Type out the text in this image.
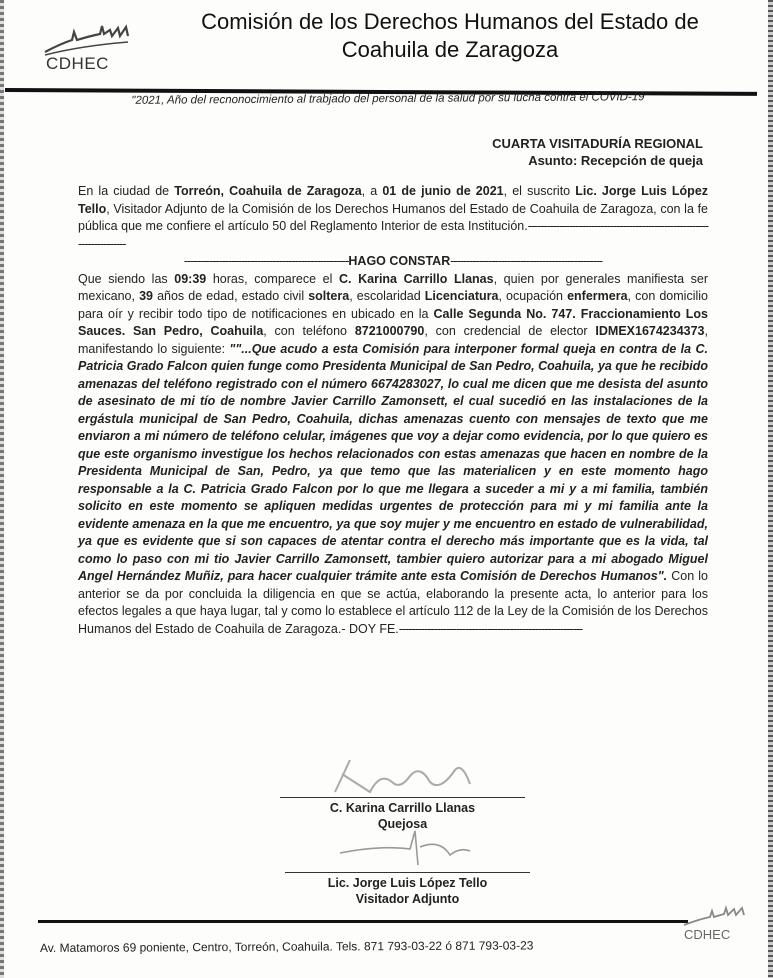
CDHEC
Comisión de los Derechos Humanos del Estado de
Coahuila de Zaragoza
"2021, Año del recnonocimiento al trabjado del personal de la salud por su lucha contra el COVID-19"
CUARTA VISITADURÍA REGIONAL
Asunto: Recepción de queja

En la ciudad de Torreón, Coahuila de Zaragoza, a 01 de junio de 2021, el suscrito Lic. Jorge Luis López Tello, Visitador Adjunto de la Comisión de los Derechos Humanos del Estado de Coahuila de Zaragoza, con la fe pública que me confiere el artículo 50 del Reglamento Interior de esta Institución.------------------------------------------------------------------------

----------------------------------------------------HAGO CONSTAR------------------------------------------------

Que siendo las 09:39 horas, comparece el C. Karina Carrillo Llanas, quien por generales manifiesta ser mexicano, 39 años de edad, estado civil soltera, escolaridad Licenciatura, ocupación enfermera, con domicilio para oír y recibir todo tipo de notificaciones en ubicado en la Calle Segunda No. 747. Fraccionamiento Los Sauces. San Pedro, Coahuila, con teléfono 8721000790, con credencial de elector IDMEX1674234373, manifestando lo siguiente: ""...Que acudo a esta Comisión para interponer formal queja en contra de la C. Patricia Grado Falcon quien funge como Presidenta Municipal de San Pedro, Coahuila, ya que he recibido amenazas del teléfono registrado con el número 6674283027, lo cual me dicen que me desista del asunto de asesinato de mi tío de nombre Javier Carrillo Zamonsett, el cual sucedió en las instalaciones de la ergástula municipal de San Pedro, Coahuila, dichas amenazas cuento con mensajes de texto que me enviaron a mi número de teléfono celular, imágenes que voy a dejar como evidencia, por lo que quiero es que este organismo investigue los hechos relacionados con estas amenazas que hacen en nombre de la Presidenta Municipal de San, Pedro, ya que temo que las materialicen y en este momento hago responsable a la C. Patricia Grado Falcon por lo que me llegara a suceder a mi y a mi familia, también solicito en este momento se apliquen medidas urgentes de protección para mi y mi familia ante la evidente amenaza en la que me encuentro, ya que soy mujer y me encuentro en estado de vulnerabilidad, ya que es evidente que si son capaces de atentar contra el derecho más importante que es la vida, tal como lo paso con mi tio Javier Carrillo Zamonsett, tambier quiero autorizar para a mi abogado Miguel Angel Hernández Muñiz, para hacer cualquier trámite ante esta Comisión de Derechos Humanos". Con lo anterior se da por concluida la diligencia en que se actúa, elaborando la presente acta, lo anterior para los efectos legales a que haya lugar, tal y como lo establece el artículo 112 de la Ley de la Comisión de los Derechos Humanos del Estado de Coahuila de Zaragoza.- DOY FE.----------------------------------------------------------

C. Karina Carrillo Llanas
Quejosa
Lic. Jorge Luis López Tello
Visitador Adjunto
Av. Matamoros 69 poniente, Centro, Torreón, Coahuila. Tels. 871 793-03-22 ó 871 793-03-23
CDHEC
